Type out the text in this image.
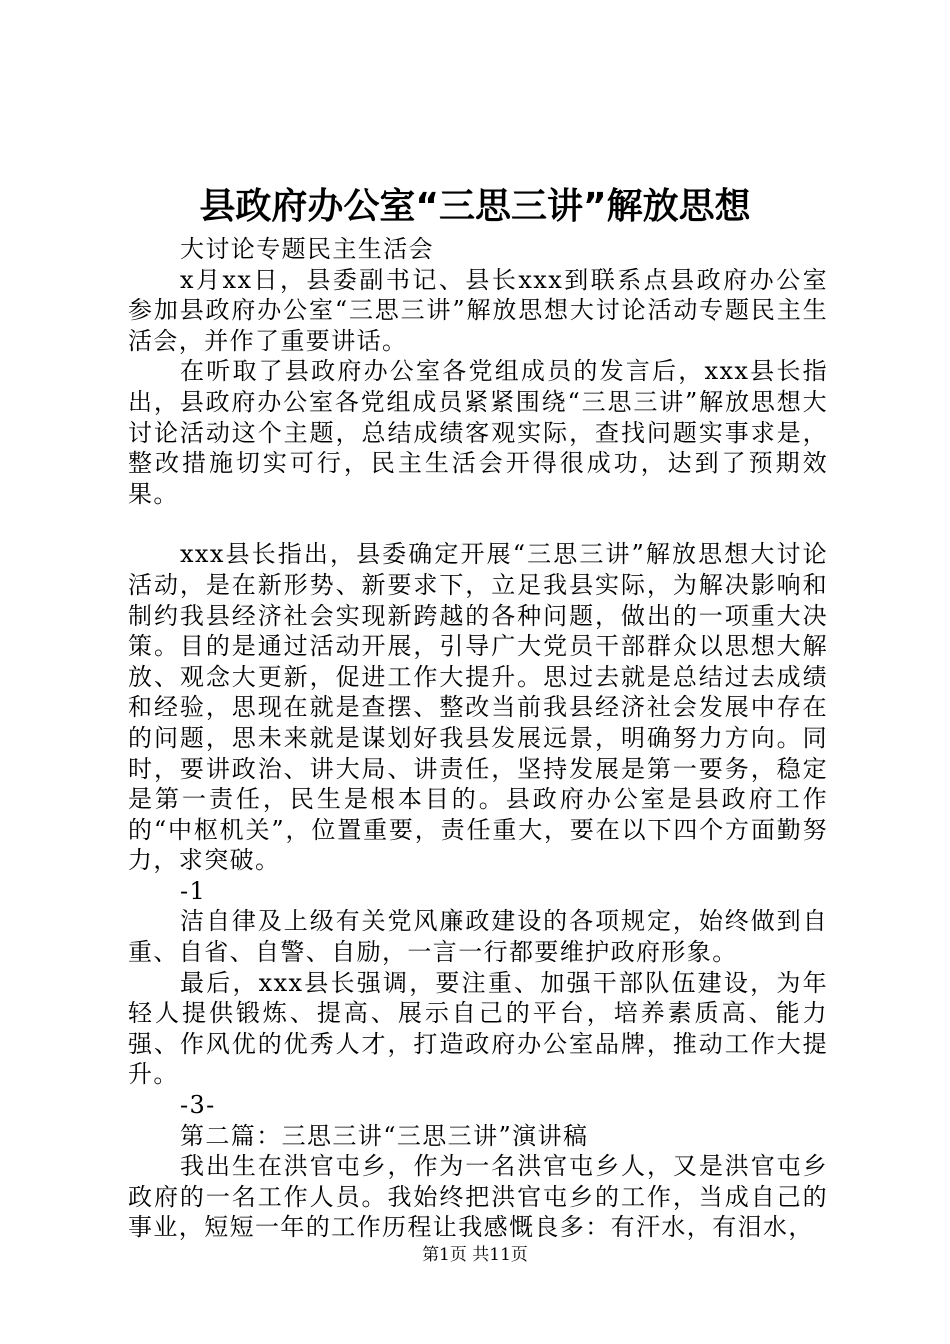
县政府办公室“三思三讲”解放思想

大讨论专题民主生活会

x月xx日，县委副书记、县长xxx到联系点县政府办公室参加县政府办公室“三思三讲”解放思想大讨论活动专题民主生活会，并作了重要讲话。

在听取了县政府办公室各党组成员的发言后，xxx县长指出，县政府办公室各党组成员紧紧围绕“三思三讲”解放思想大讨论活动这个主题，总结成绩客观实际，查找问题实事求是，整改措施切实可行，民主生活会开得很成功，达到了预期效果。

xxx县长指出，县委确定开展“三思三讲”解放思想大讨论活动，是在新形势、新要求下，立足我县实际，为解决影响和制约我县经济社会实现新跨越的各种问题，做出的一项重大决策。目的是通过活动开展，引导广大党员干部群众以思想大解放、观念大更新，促进工作大提升。思过去就是总结过去成绩和经验，思现在就是查摆、整改当前我县经济社会发展中存在的问题，思未来就是谋划好我县发展远景，明确努力方向。同时，要讲政治、讲大局、讲责任，坚持发展是第一要务，稳定是第一责任，民生是根本目的。县政府办公室是县政府工作的“中枢机关”，位置重要，责任重大，要在以下四个方面勤努力，求突破。

-1

洁自律及上级有关党风廉政建设的各项规定，始终做到自重、自省、自警、自励，一言一行都要维护政府形象。

最后，xxx县长强调，要注重、加强干部队伍建设，为年轻人提供锻炼、提高、展示自己的平台，培养素质高、能力强、作风优的优秀人才，打造政府办公室品牌，推动工作大提升。

-3-

第二篇：三思三讲“三思三讲”演讲稿

我出生在洪官屯乡，作为一名洪官屯乡人，又是洪官屯乡政府的一名工作人员。我始终把洪官屯乡的工作，当成自己的事业，短短一年的工作历程让我感慨良多：有汗水，有泪水，

第1页 共11页
